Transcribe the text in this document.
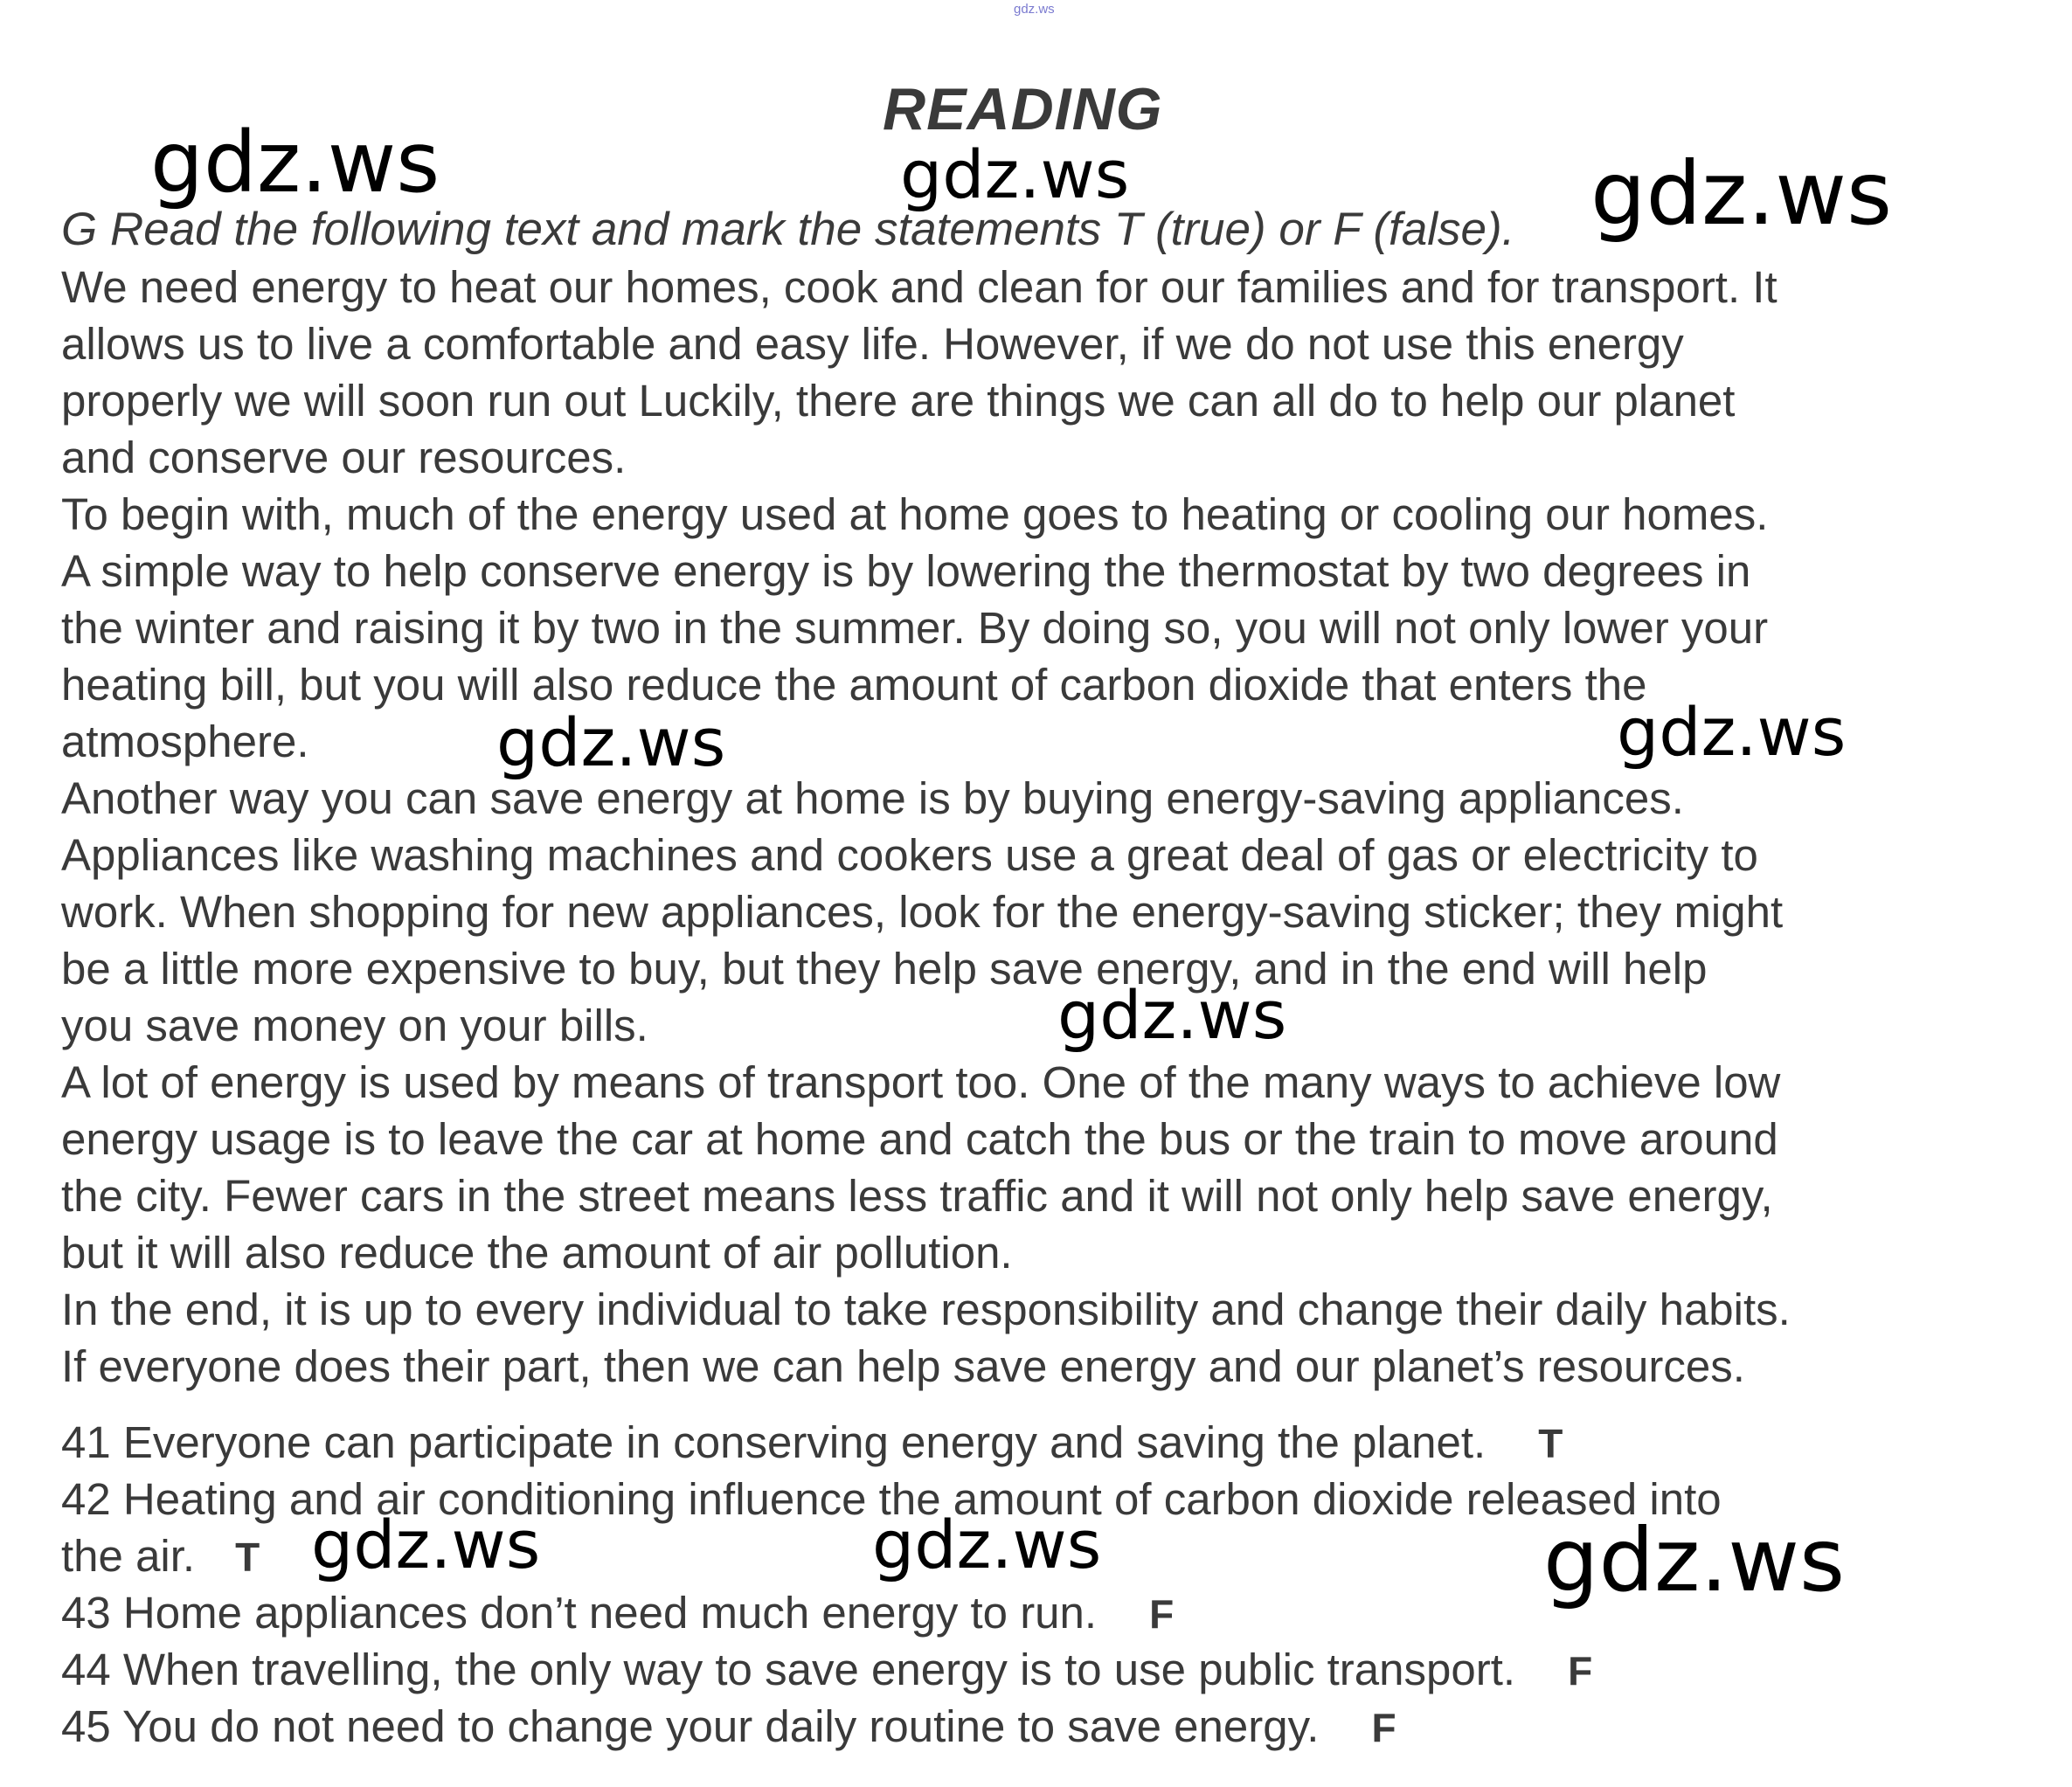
gdz.ws
READING
G Read the following text and mark the statements T (true) or F (false).
We need energy to heat our homes, cook and clean for our families and for transport. It
allows us to live a comfortable and easy life. However, if we do not use this energy
properly we will soon run out Luckily, there are things we can all do to help our planet
and conserve our resources.
To begin with, much of the energy used at home goes to heating or cooling our homes.
A simple way to help conserve energy is by lowering the thermostat by two degrees in
the winter and raising it by two in the summer. By doing so, you will not only lower your
heating bill, but you will also reduce the amount of carbon dioxide that enters the
atmosphere.
Another way you can save energy at home is by buying energy-saving appliances.
Appliances like washing machines and cookers use a great deal of gas or electricity to
work. When shopping for new appliances, look for the energy-saving sticker; they might
be a little more expensive to buy, but they help save energy, and in the end will help
you save money on your bills.
A lot of energy is used by means of transport too. One of the many ways to achieve low
energy usage is to leave the car at home and catch the bus or the train to move around
the city. Fewer cars in the street means less traffic and it will not only help save energy,
but it will also reduce the amount of air pollution.
In the end, it is up to every individual to take responsibility and change their daily habits.
If everyone does their part, then we can help save energy and our planet’s resources.
41 Everyone can participate in conserving energy and saving the planet. T
42 Heating and air conditioning influence the amount of carbon dioxide released into
the air. T
43 Home appliances don’t need much energy to run. F
44 When travelling, the only way to save energy is to use public transport. F
45 You do not need to change your daily routine to save energy. F
gdz.ws	gdz.ws	gdz.ws
gdz.ws	gdz.ws
gdz.ws
gdz.ws	gdz.ws	gdz.ws
